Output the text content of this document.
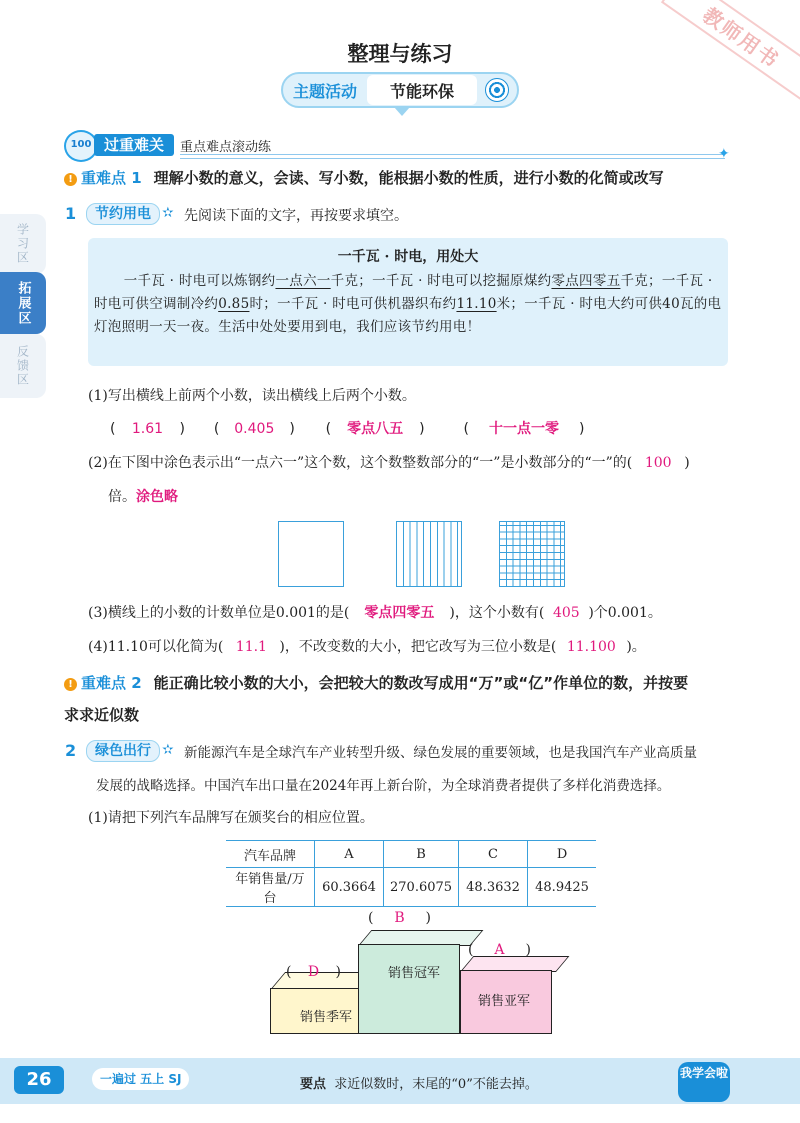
教师用书
整理与练习
主题活动	节能环保
100 过重难关	重点难点滚动练	✦
学习区
拓展区
反馈区
! 重难点 1 理解小数的意义，会读、写小数，能根据小数的性质，进行小数的化简或改写
1	节约用电 ✫ 先阅读下面的文字，再按要求填空。
一千瓦 · 时电，用处大
一千瓦 · 时电可以炼钢约一点六一千克；一千瓦 · 时电可以挖掘原煤约零点四零五千克；一千瓦 · 时电可供空调制冷约0.85时；一千瓦 · 时电可供机器织布约11.10米；一千瓦 · 时电大约可供40瓦的电灯泡照明一天一夜。生活中处处要用到电，我们应该节约用电！
(1)写出横线上前两个小数，读出横线上后两个小数。
( 1.61 )  ( 0.405 )  ( 零点八五 )  ( 十一点一零 )
(2)在下图中涂色表示出“一点六一”这个数，这个数整数部分的“一”是小数部分的“一”的( 100 )
倍。涂色略
(3)横线上的小数的计数单位是0.001的是( 零点四零五 )，这个小数有( 405 )个0.001。
(4)11.10可以化简为( 11.1 )，不改变数的大小，把它改写为三位小数是( 11.100 )。
! 重难点 2 能正确比较小数的大小，会把较大的数改写成用“万”或“亿”作单位的数，并按要
求求近似数
2	绿色出行 ✫ 新能源汽车是全球汽车产业转型升级、绿色发展的重要领域，也是我国汽车产业高质量
发展的战略选择。中国汽车出口量在2024年再上新台阶，为全球消费者提供了多样化消费选择。
(1)请把下列汽车品牌写在颁奖台的相应位置。
汽车品牌	A	B	C	D
年销售量/万台	60.3664	270.6075	48.3632	48.9425
销售季军
( D )	销售冠军
( B )
销售亚军
( A )
26	一遍过 五上 SJ	要点 求近似数时，末尾的“0”不能去掉。
我学会啦
